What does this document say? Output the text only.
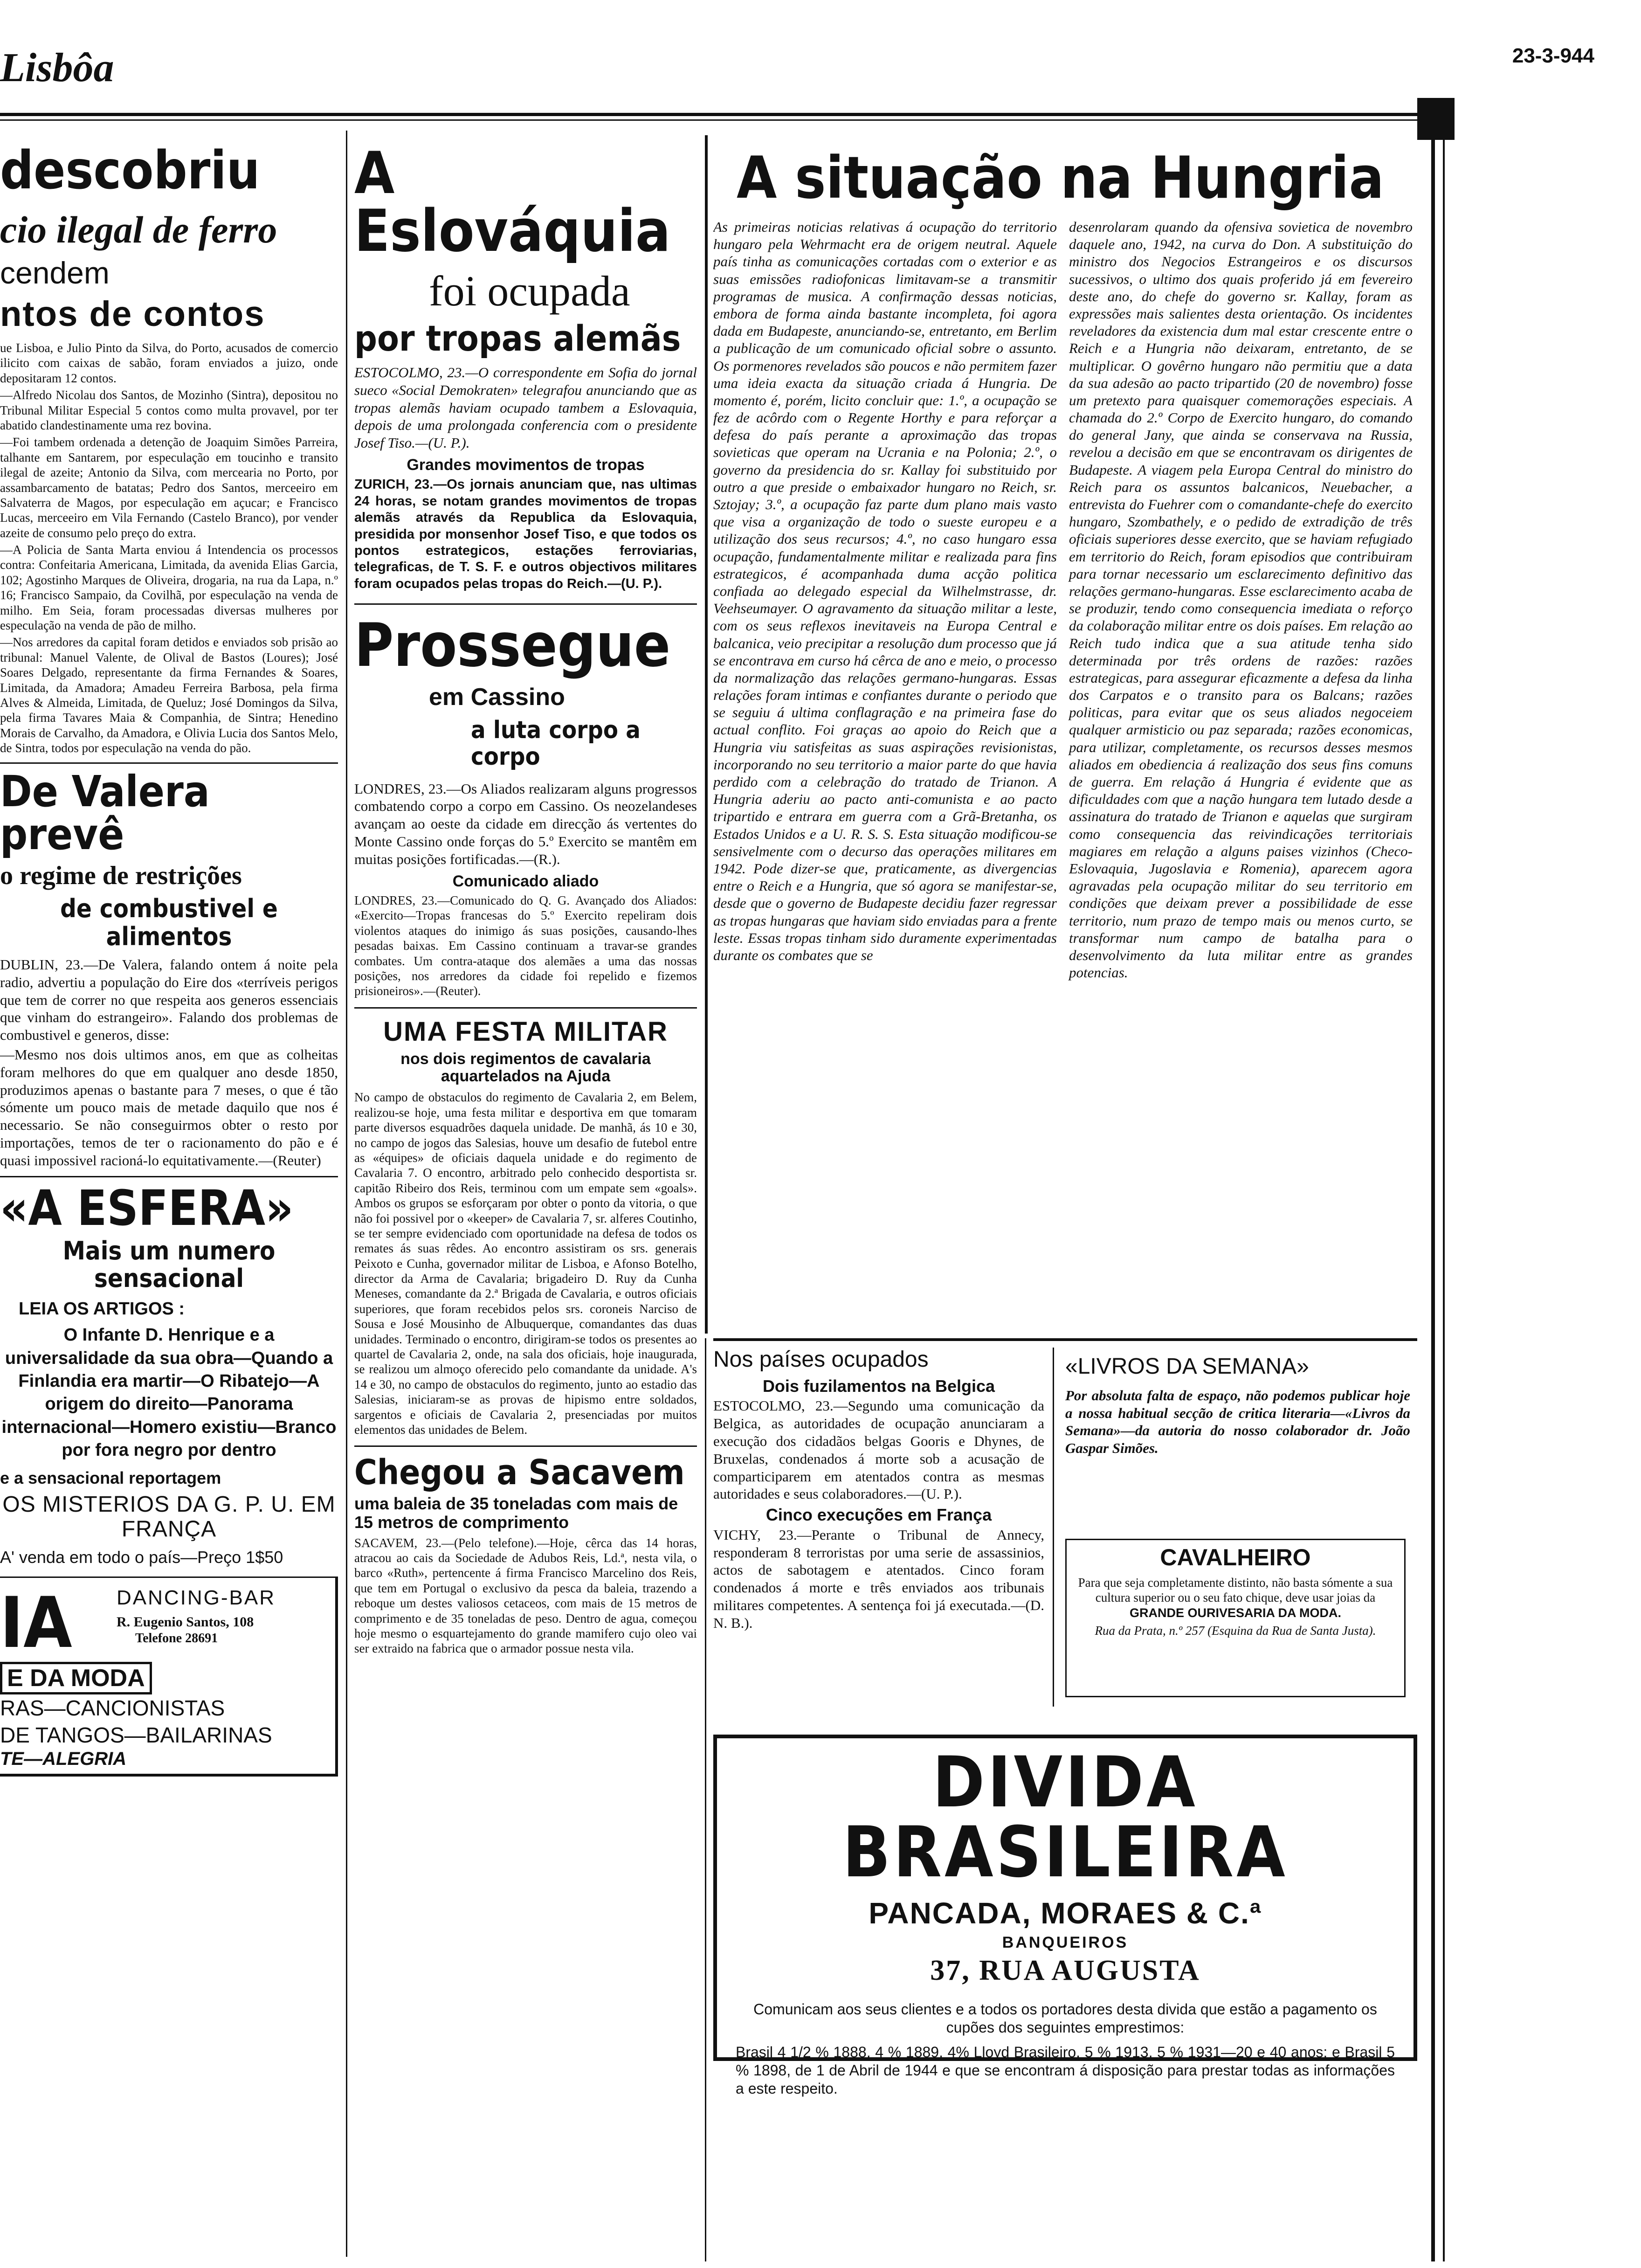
Lisbôa	23-3-944
descobriu
cio ilegal de ferro
cendem
ntos de contos

ue Lisboa, e Julio Pinto da Silva, do Porto, acusados de comercio ilicito com caixas de sabão, foram enviados a juizo, onde depositaram 12 contos.

—Alfredo Nicolau dos Santos, de Mozinho (Sintra), depositou no Tribunal Militar Especial 5 contos como multa provavel, por ter abatido clandestinamente uma rez bovina.

—Foi tambem ordenada a detenção de Joaquim Simões Parreira, talhante em Santarem, por especulação em toucinho e transito ilegal de azeite; Antonio da Silva, com mercearia no Porto, por assambarcamento de batatas; Pedro dos Santos, merceeiro em Salvaterra de Magos, por especulação em açucar; e Francisco Lucas, merceeiro em Vila Fernando (Castelo Branco), por vender azeite de consumo pelo preço do extra.

—A Policia de Santa Marta enviou á Intendencia os processos contra: Confeitaria Americana, Limitada, da avenida Elias Garcia, 102; Agostinho Marques de Oliveira, drogaria, na rua da Lapa, n.º 16; Francisco Sampaio, da Covilhã, por especulação na venda de milho. Em Seia, foram processadas diversas mulheres por especulação na venda de pão de milho.

—Nos arredores da capital foram detidos e enviados sob prisão ao tribunal: Manuel Valente, de Olival de Bastos (Loures); José Soares Delgado, representante da firma Fernandes & Soares, Limitada, da Amadora; Amadeu Ferreira Barbosa, pela firma Alves & Almeida, Limitada, de Queluz; José Domingos da Silva, pela firma Tavares Maia & Companhia, de Sintra; Henedino Morais de Carvalho, da Amadora, e Olivia Lucia dos Santos Melo, de Sintra, todos por especulação na venda do pão.

De Valera prevê
o regime de restrições
de combustivel e alimentos

DUBLIN, 23.—De Valera, falando ontem á noite pela radio, advertiu a população do Eire dos «terríveis perigos que tem de correr no que respeita aos generos essenciais que vinham do estrangeiro». Falando dos problemas de combustivel e generos, disse:

—Mesmo nos dois ultimos anos, em que as colheitas foram melhores do que em qualquer ano desde 1850, produzimos apenas o bastante para 7 meses, o que é tão sómente um pouco mais de metade daquilo que nos é necessario. Se não conseguirmos obter o resto por importações, temos de ter o racionamento do pão e é quasi impossivel racioná-lo equitativamente.—(Reuter)

«A ESFERA»
Mais um numero sensacional
LEIA OS ARTIGOS :
O Infante D. Henrique e a universalidade da sua obra—Quando a Finlandia era martir—O Ribatejo—A origem do direito—Panorama internacional—Homero existiu—Branco por fora negro por dentro
e a sensacional reportagem
OS MISTERIOS DA G. P. U. EM FRANÇA
A' venda em todo o país—Preço 1$50
IA DANCING-BAR
R. Eugenio Santos, 108
Telefone 28691
E DA MODA
RAS—CANCIONISTAS
DE TANGOS—BAILARINAS
TE—ALEGRIA
A Eslováquia
foi ocupada
por tropas alemãs

ESTOCOLMO, 23.—O correspondente em Sofia do jornal sueco «Social Demokraten» telegrafou anunciando que as tropas alemãs haviam ocupado tambem a Eslovaquia, depois de uma prolongada conferencia com o presidente Josef Tiso.—(U. P.).

Grandes movimentos de tropas

ZURICH, 23.—Os jornais anunciam que, nas ultimas 24 horas, se notam grandes movimentos de tropas alemãs através da Republica da Eslovaquia, presidida por monsenhor Josef Tiso, e que todos os pontos estrategicos, estações ferroviarias, telegraficas, de T. S. F. e outros objectivos militares foram ocupados pelas tropas do Reich.—(U. P.).

Prossegue
em Cassino
a luta corpo a corpo

LONDRES, 23.—Os Aliados realizaram alguns progressos combatendo corpo a corpo em Cassino. Os neozelandeses avançam ao oeste da cidade em direcção ás vertentes do Monte Cassino onde forças do 5.º Exercito se mantêm em muitas posições fortificadas.—(R.).

Comunicado aliado

LONDRES, 23.—Comunicado do Q. G. Avançado dos Aliados: «Exercito—Tropas francesas do 5.º Exercito repeliram dois violentos ataques do inimigo ás suas posições, causando-lhes pesadas baixas. Em Cassino continuam a travar-se grandes combates. Um contra-ataque dos alemães a uma das nossas posições, nos arredores da cidade foi repelido e fizemos prisioneiros».—(Reuter).

UMA FESTA MILITAR
nos dois regimentos de cavalaria aquartelados na Ajuda

No campo de obstaculos do regimento de Cavalaria 2, em Belem, realizou-se hoje, uma festa militar e desportiva em que tomaram parte diversos esquadrões daquela unidade. De manhã, ás 10 e 30, no campo de jogos das Salesias, houve um desafio de futebol entre as «équipes» de oficiais daquela unidade e do regimento de Cavalaria 7. O encontro, arbitrado pelo conhecido desportista sr. capitão Ribeiro dos Reis, terminou com um empate sem «goals». Ambos os grupos se esforçaram por obter o ponto da vitoria, o que não foi possivel por o «keeper» de Cavalaria 7, sr. alferes Coutinho, se ter sempre evidenciado com oportunidade na defesa de todos os remates ás suas rêdes. Ao encontro assistiram os srs. generais Peixoto e Cunha, governador militar de Lisboa, e Afonso Botelho, director da Arma de Cavalaria; brigadeiro D. Ruy da Cunha Meneses, comandante da 2.ª Brigada de Cavalaria, e outros oficiais superiores, que foram recebidos pelos srs. coroneis Narciso de Sousa e José Mousinho de Albuquerque, comandantes das duas unidades. Terminado o encontro, dirigiram-se todos os presentes ao quartel de Cavalaria 2, onde, na sala dos oficiais, hoje inaugurada, se realizou um almoço oferecido pelo comandante da unidade. A's 14 e 30, no campo de obstaculos do regimento, junto ao estadio das Salesias, iniciaram-se as provas de hipismo entre soldados, sargentos e oficiais de Cavalaria 2, presenciadas por muitos elementos das unidades de Belem.

Chegou a Sacavem
uma baleia de 35 toneladas com mais de 15 metros de comprimento

SACAVEM, 23.—(Pelo telefone).—Hoje, cêrca das 14 horas, atracou ao cais da Sociedade de Adubos Reis, Ld.ª, nesta vila, o barco «Ruth», pertencente á firma Francisco Marcelino dos Reis, que tem em Portugal o exclusivo da pesca da baleia, trazendo a reboque um destes valiosos cetaceos, com mais de 15 metros de comprimento e de 35 toneladas de peso. Dentro de agua, começou hoje mesmo o esquartejamento do grande mamifero cujo oleo vai ser extraido na fabrica que o armador possue nesta vila.

A situação na Hungria

As primeiras noticias relativas á ocupação do territorio hungaro pela Wehrmacht era de origem neutral. Aquele país tinha as comunicações cortadas com o exterior e as suas emissões radiofonicas limitavam-se a transmitir programas de musica. A confirmação dessas noticias, embora de forma ainda bastante incompleta, foi agora dada em Budapeste, anunciando-se, entretanto, em Berlim a publicação de um comunicado oficial sobre o assunto. Os pormenores revelados são poucos e não permitem fazer uma ideia exacta da situação criada á Hungria. De momento é, porém, licito concluir que: 1.º, a ocupação se fez de acôrdo com o Regente Horthy e para reforçar a defesa do país perante a aproximação das tropas sovieticas que operam na Ucrania e na Polonia; 2.º, o governo da presidencia do sr. Kallay foi substituido por outro a que preside o embaixador hungaro no Reich, sr. Sztojay; 3.º, a ocupação faz parte dum plano mais vasto que visa a organização de todo o sueste europeu e a utilização dos seus recursos; 4.º, no caso hungaro essa ocupação, fundamentalmente militar e realizada para fins estrategicos, é acompanhada duma acção politica confiada ao delegado especial da Wilhelmstrasse, dr. Veehseumayer. O agravamento da situação militar a leste, com os seus reflexos inevitaveis na Europa Central e balcanica, veio precipitar a resolução dum processo que já se encontrava em curso há cêrca de ano e meio, o processo da normalização das relações germano-hungaras. Essas relações foram intimas e confiantes durante o periodo que se seguiu á ultima conflagração e na primeira fase do actual conflito. Foi graças ao apoio do Reich que a Hungria viu satisfeitas as suas aspirações revisionistas, incorporando no seu territorio a maior parte do que havia perdido com a celebração do tratado de Trianon. A Hungria aderiu ao pacto anti-comunista e ao pacto tripartido e entrara em guerra com a Grã-Bretanha, os Estados Unidos e a U. R. S. S. Esta situação modificou-se sensivelmente com o decurso das operações militares em 1942. Pode dizer-se que, praticamente, as divergencias entre o Reich e a Hungria, que só agora se manifestar-se, desde que o governo de Budapeste decidiu fazer regressar as tropas hungaras que haviam sido enviadas para a frente leste. Essas tropas tinham sido duramente experimentadas durante os combates que se

desenrolaram quando da ofensiva sovietica de novembro daquele ano, 1942, na curva do Don. A substituição do ministro dos Negocios Estrangeiros e os discursos sucessivos, o ultimo dos quais proferido já em fevereiro deste ano, do chefe do governo sr. Kallay, foram as expressões mais salientes desta orientação. Os incidentes reveladores da existencia dum mal estar crescente entre o Reich e a Hungria não deixaram, entretanto, de se multiplicar. O govêrno hungaro não permitiu que a data da sua adesão ao pacto tripartido (20 de novembro) fosse um pretexto para quaisquer comemorações especiais. A chamada do 2.º Corpo de Exercito hungaro, do comando do general Jany, que ainda se conservava na Russia, revelou a decisão em que se encontravam os dirigentes de Budapeste. A viagem pela Europa Central do ministro do Reich para os assuntos balcanicos, Neuebacher, a entrevista do Fuehrer com o comandante-chefe do exercito hungaro, Szombathely, e o pedido de extradição de três oficiais superiores desse exercito, que se haviam refugiado em territorio do Reich, foram episodios que contribuiram para tornar necessario um esclarecimento definitivo das relações germano-hungaras. Esse esclarecimento acaba de se produzir, tendo como consequencia imediata o reforço da colaboração militar entre os dois países. Em relação ao Reich tudo indica que a sua atitude tenha sido determinada por três ordens de razões: razões estrategicas, para assegurar eficazmente a defesa da linha dos Carpatos e o transito para os Balcans; razões politicas, para evitar que os seus aliados negoceiem qualquer armisticio ou paz separada; razões economicas, para utilizar, completamente, os recursos desses mesmos aliados em obediencia á realização dos seus fins comuns de guerra. Em relação á Hungria é evidente que as dificuldades com que a nação hungara tem lutado desde a assinatura do tratado de Trianon e aquelas que surgiram como consequencia das reivindicações territoriais magiares em relação a alguns paises vizinhos (Checo-Eslovaquia, Jugoslavia e Romenia), aparecem agora agravadas pela ocupação militar do seu territorio em condições que deixam prever a possibilidade de esse territorio, num prazo de tempo mais ou menos curto, se transformar num campo de batalha para o desenvolvimento da luta militar entre as grandes potencias.

Nos países ocupados
Dois fuzilamentos na Belgica

ESTOCOLMO, 23.—Segundo uma comunicação da Belgica, as autoridades de ocupação anunciaram a execução dos cidadãos belgas Gooris e Dhynes, de Bruxelas, condenados á morte sob a acusação de comparticiparem em atentados contra as mesmas autoridades e seus colaboradores.—(U. P.).

Cinco execuções em França

VICHY, 23.—Perante o Tribunal de Annecy, responderam 8 terroristas por uma serie de assassinios, actos de sabotagem e atentados. Cinco foram condenados á morte e três enviados aos tribunais militares competentes. A sentença foi já executada.—(D. N. B.).

«LIVROS DA SEMANA»

Por absoluta falta de espaço, não podemos publicar hoje a nossa habitual secção de critica literaria—«Livros da Semana»—da autoria do nosso colaborador dr. João Gaspar Simões.

CAVALHEIRO

Para que seja completamente distinto, não basta sómente a sua cultura superior ou o seu fato chique, deve usar joias da GRANDE OURIVESARIA DA MODA.

Rua da Prata, n.º 257 (Esquina da Rua de Santa Justa).

DIVIDA BRASILEIRA
PANCADA, MORAES & C.ª
BANQUEIROS
37, RUA AUGUSTA

Comunicam aos seus clientes e a todos os portadores desta divida que estão a pagamento os cupões dos seguintes emprestimos:

Brasil 4 1/2 % 1888, 4 % 1889, 4% Lloyd Brasileiro, 5 % 1913, 5 % 1931—20 e 40 anos; e Brasil 5 % 1898, de 1 de Abril de 1944 e que se encontram á disposição para prestar todas as informações a este respeito.
